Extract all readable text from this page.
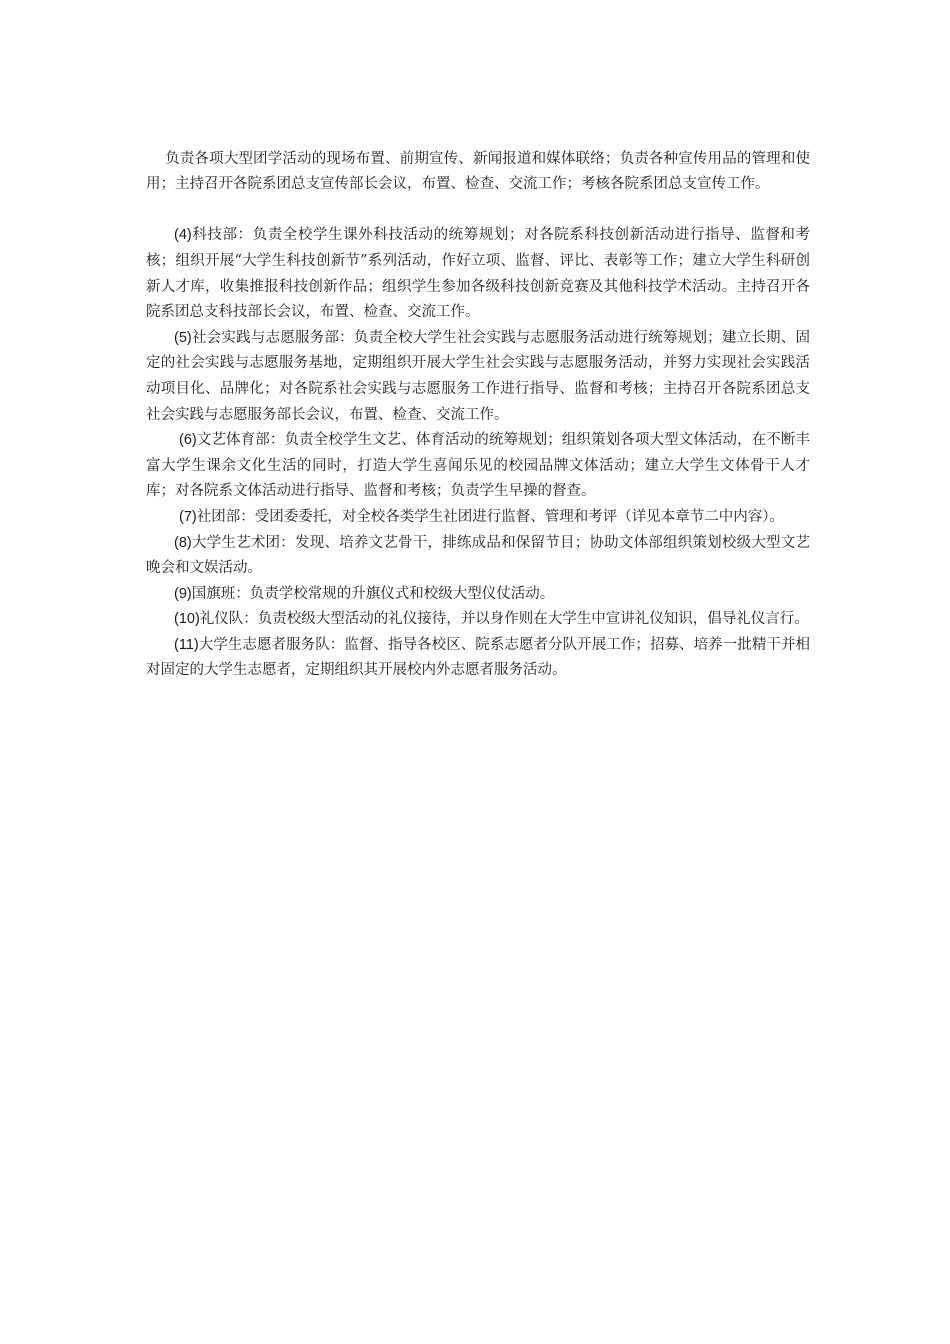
负责各项大型团学活动的现场布置、前期宣传、新闻报道和媒体联络；负责各种宣传用品的管理和使用；主持召开各院系团总支宣传部长会议，布置、检查、交流工作；考核各院系团总支宣传工作。

(4)科技部：负责全校学生课外科技活动的统筹规划；对各院系科技创新活动进行指导、监督和考核；组织开展“大学生科技创新节”系列活动，作好立项、监督、评比、表彰等工作；建立大学生科研创新人才库，收集推报科技创新作品；组织学生参加各级科技创新竞赛及其他科技学术活动。主持召开各院系团总支科技部长会议，布置、检查、交流工作。

(5)社会实践与志愿服务部：负责全校大学生社会实践与志愿服务活动进行统筹规划；建立长期、固定的社会实践与志愿服务基地，定期组织开展大学生社会实践与志愿服务活动，并努力实现社会实践活动项目化、品牌化；对各院系社会实践与志愿服务工作进行指导、监督和考核；主持召开各院系团总支社会实践与志愿服务部长会议，布置、检查、交流工作。

(6)文艺体育部：负责全校学生文艺、体育活动的统筹规划；组织策划各项大型文体活动，在不断丰富大学生课余文化生活的同时，打造大学生喜闻乐见的校园品牌文体活动；建立大学生文体骨干人才库；对各院系文体活动进行指导、监督和考核；负责学生早操的督查。

(7)社团部：受团委委托，对全校各类学生社团进行监督、管理和考评（详见本章节二中内容）。

(8)大学生艺术团：发现、培养文艺骨干，排练成品和保留节目；协助文体部组织策划校级大型文艺晚会和文娱活动。

(9)国旗班：负责学校常规的升旗仪式和校级大型仪仗活动。

(10)礼仪队：负责校级大型活动的礼仪接待，并以身作则在大学生中宣讲礼仪知识，倡导礼仪言行。

(11)大学生志愿者服务队：监督、指导各校区、院系志愿者分队开展工作；招募、培养一批精干并相对固定的大学生志愿者，定期组织其开展校内外志愿者服务活动。
